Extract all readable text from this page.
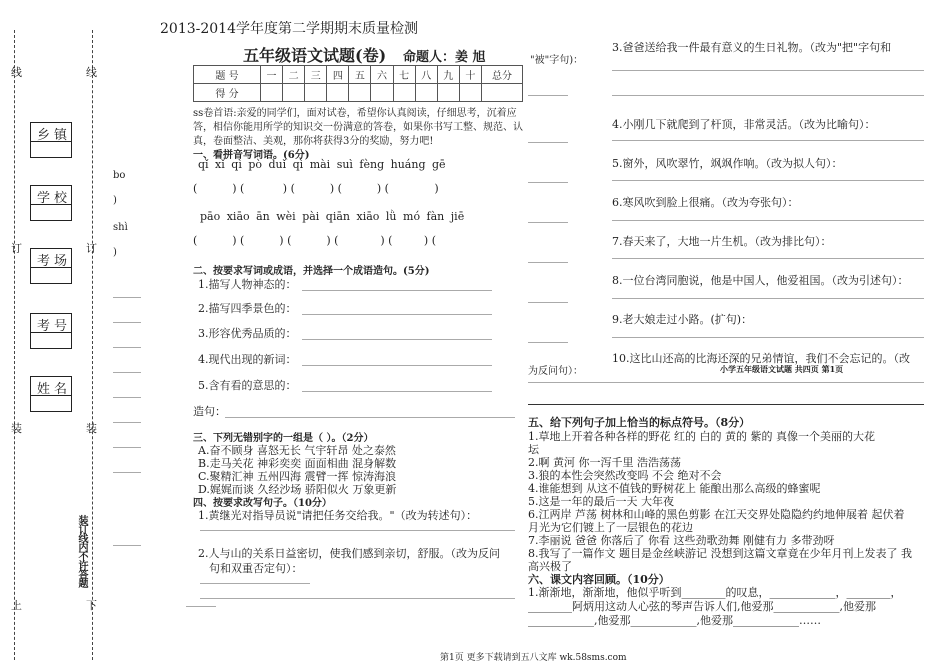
线	线
订	订
装	装
上
装订线内不许答题
下
乡镇
学校
考场
考号
姓名
bo
)
shì
)
2013-2014学年度第二学期期末质量检测
五年级语文试题(卷) 命题人：姜 旭
题 号	一	二	三	四	五	六	七	八	九	十	总分
得 分											
ss卷首语:亲爱的同学们，面对试卷，希望你认真阅读，仔细思考，沉着应
答，相信你能用所学的知识交一份满意的答卷，如果你书写工整、规范、认
真，卷面整洁、美观，那你将获得3分的奖励，努力吧!
一、看拼音写词语。(6分)
qǐ xǐ qì pò duǐ qì mài suì fèng huáng gē
(          ) (           ) (          ) (          ) (             )
pāo xiāo ān wèi pài qiān xiāo lǜ mó fàn jiē
(          ) (          ) (          ) (            ) (         ) (
二、按要求写词或成语，并选择一个成语造句。(5分)
1.描写人物神态的：
2.描写四季景色的：
3.形容优秀品质的：
4.现代出现的新词：
5.含有看的意思的：
造句：
三、下列无错别字的一组是（ ）。（2分）
A.奋不顾身 喜怒无长 气宇轩昂 处之泰然
B.走马关花 神彩奕奕 面面相曲 混身解数
C.聚精汇神 五州四海 震臂一挥 惊涛海浪
D.娓娓而谈 久经沙场 骄阳似火 万象更新
四、按要求改写句子。（10分）
1.黄继光对指导员说"请把任务交给我。"（改为转述句）：
2.人与山的关系日益密切，使我们感到亲切，舒服。（改为反问
句和双重否定句）：
"被"字句)：
为反问句）：
3.爸爸送给我一件最有意义的生日礼物。（改为"把"字句和
4.小刚几下就爬到了杆顶，非常灵活。（改为比喻句）：
5.窗外，风吹翠竹，飒飒作响。（改为拟人句）：
6.寒风吹到脸上很痛。（改为夸张句）：
7.春天来了，大地一片生机。（改为排比句）：
8.一位台湾同胞说，他是中国人，他爱祖国。（改为引述句）：
9.老大娘走过小路。(扩句)：
10.这比山还高的比海还深的兄弟情谊，我们不会忘记的。（改
小学五年级语文试题 共四页 第1页
五、给下列句子加上恰当的标点符号。（8分）
1.草地上开着各种各样的野花 红的 白的 黄的 紫的 真像一个美丽的大花
坛
2.啊 黄河 你一泻千里 浩浩荡荡
3.狼的本性会突然改变吗 不会 绝对不会
4.谁能想到 从这不值钱的野树花上 能酿出那么高级的蜂蜜呢
5.这是一年的最后一天 大年夜
6.江两岸 芦荡 树林和山峰的黑色剪影 在江天交界处隐隐约约地伸展着 起伏着
月光为它们镀上了一层银色的花边
7.李丽说 爸爸 你落后了 你看 这些劲歌劲舞 刚健有力 多带劲呀
8.我写了一篇作文 题目是金丝峡游记 没想到这篇文章竟在少年月刊上发表了 我
高兴极了
六、课文内容回顾。（10分）
1.渐渐地，渐渐地，他似乎听到________的叹息，____________，________，
________阿炳用这动人心弦的琴声告诉人们,他爱那____________,他爱那
____________,他爱那____________,他爱那____________……
第1页 更多下载请到五八文库 wk.58sms.com
